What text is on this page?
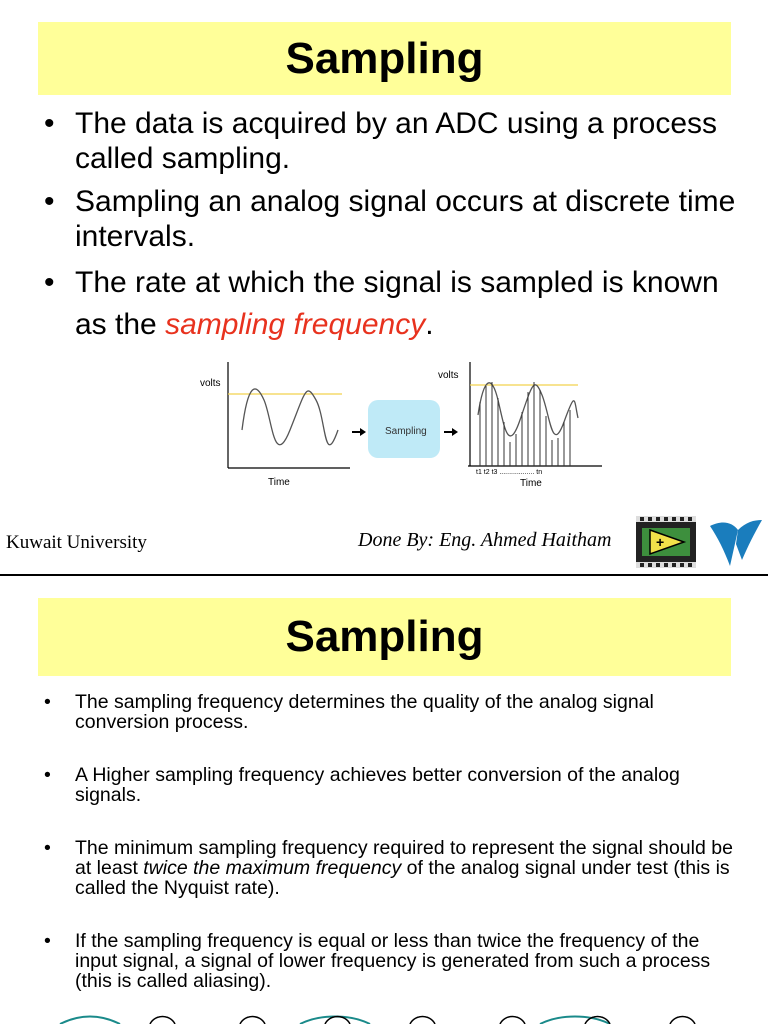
Sampling
• The data is acquired by an ADC using a process called sampling.
• Sampling an analog signal occurs at discrete time intervals.
• The rate at which the signal is sampled is known as the sampling frequency.
volts
Time
Sampling
volts
t1 t2 t3 .................. tn
Time
Kuwait University	Done By: Eng. Ahmed Haitham	+
Sampling
• The sampling frequency determines the quality of the analog signal conversion process.
• A Higher sampling frequency achieves better conversion of the analog signals.
• The minimum sampling frequency required to represent the signal should be at least twice the maximum frequency of the analog signal under test (this is called the Nyquist rate).
• If the sampling frequency is equal or less than twice the frequency of the input signal, a signal of lower frequency is generated from such a process (this is called aliasing).
